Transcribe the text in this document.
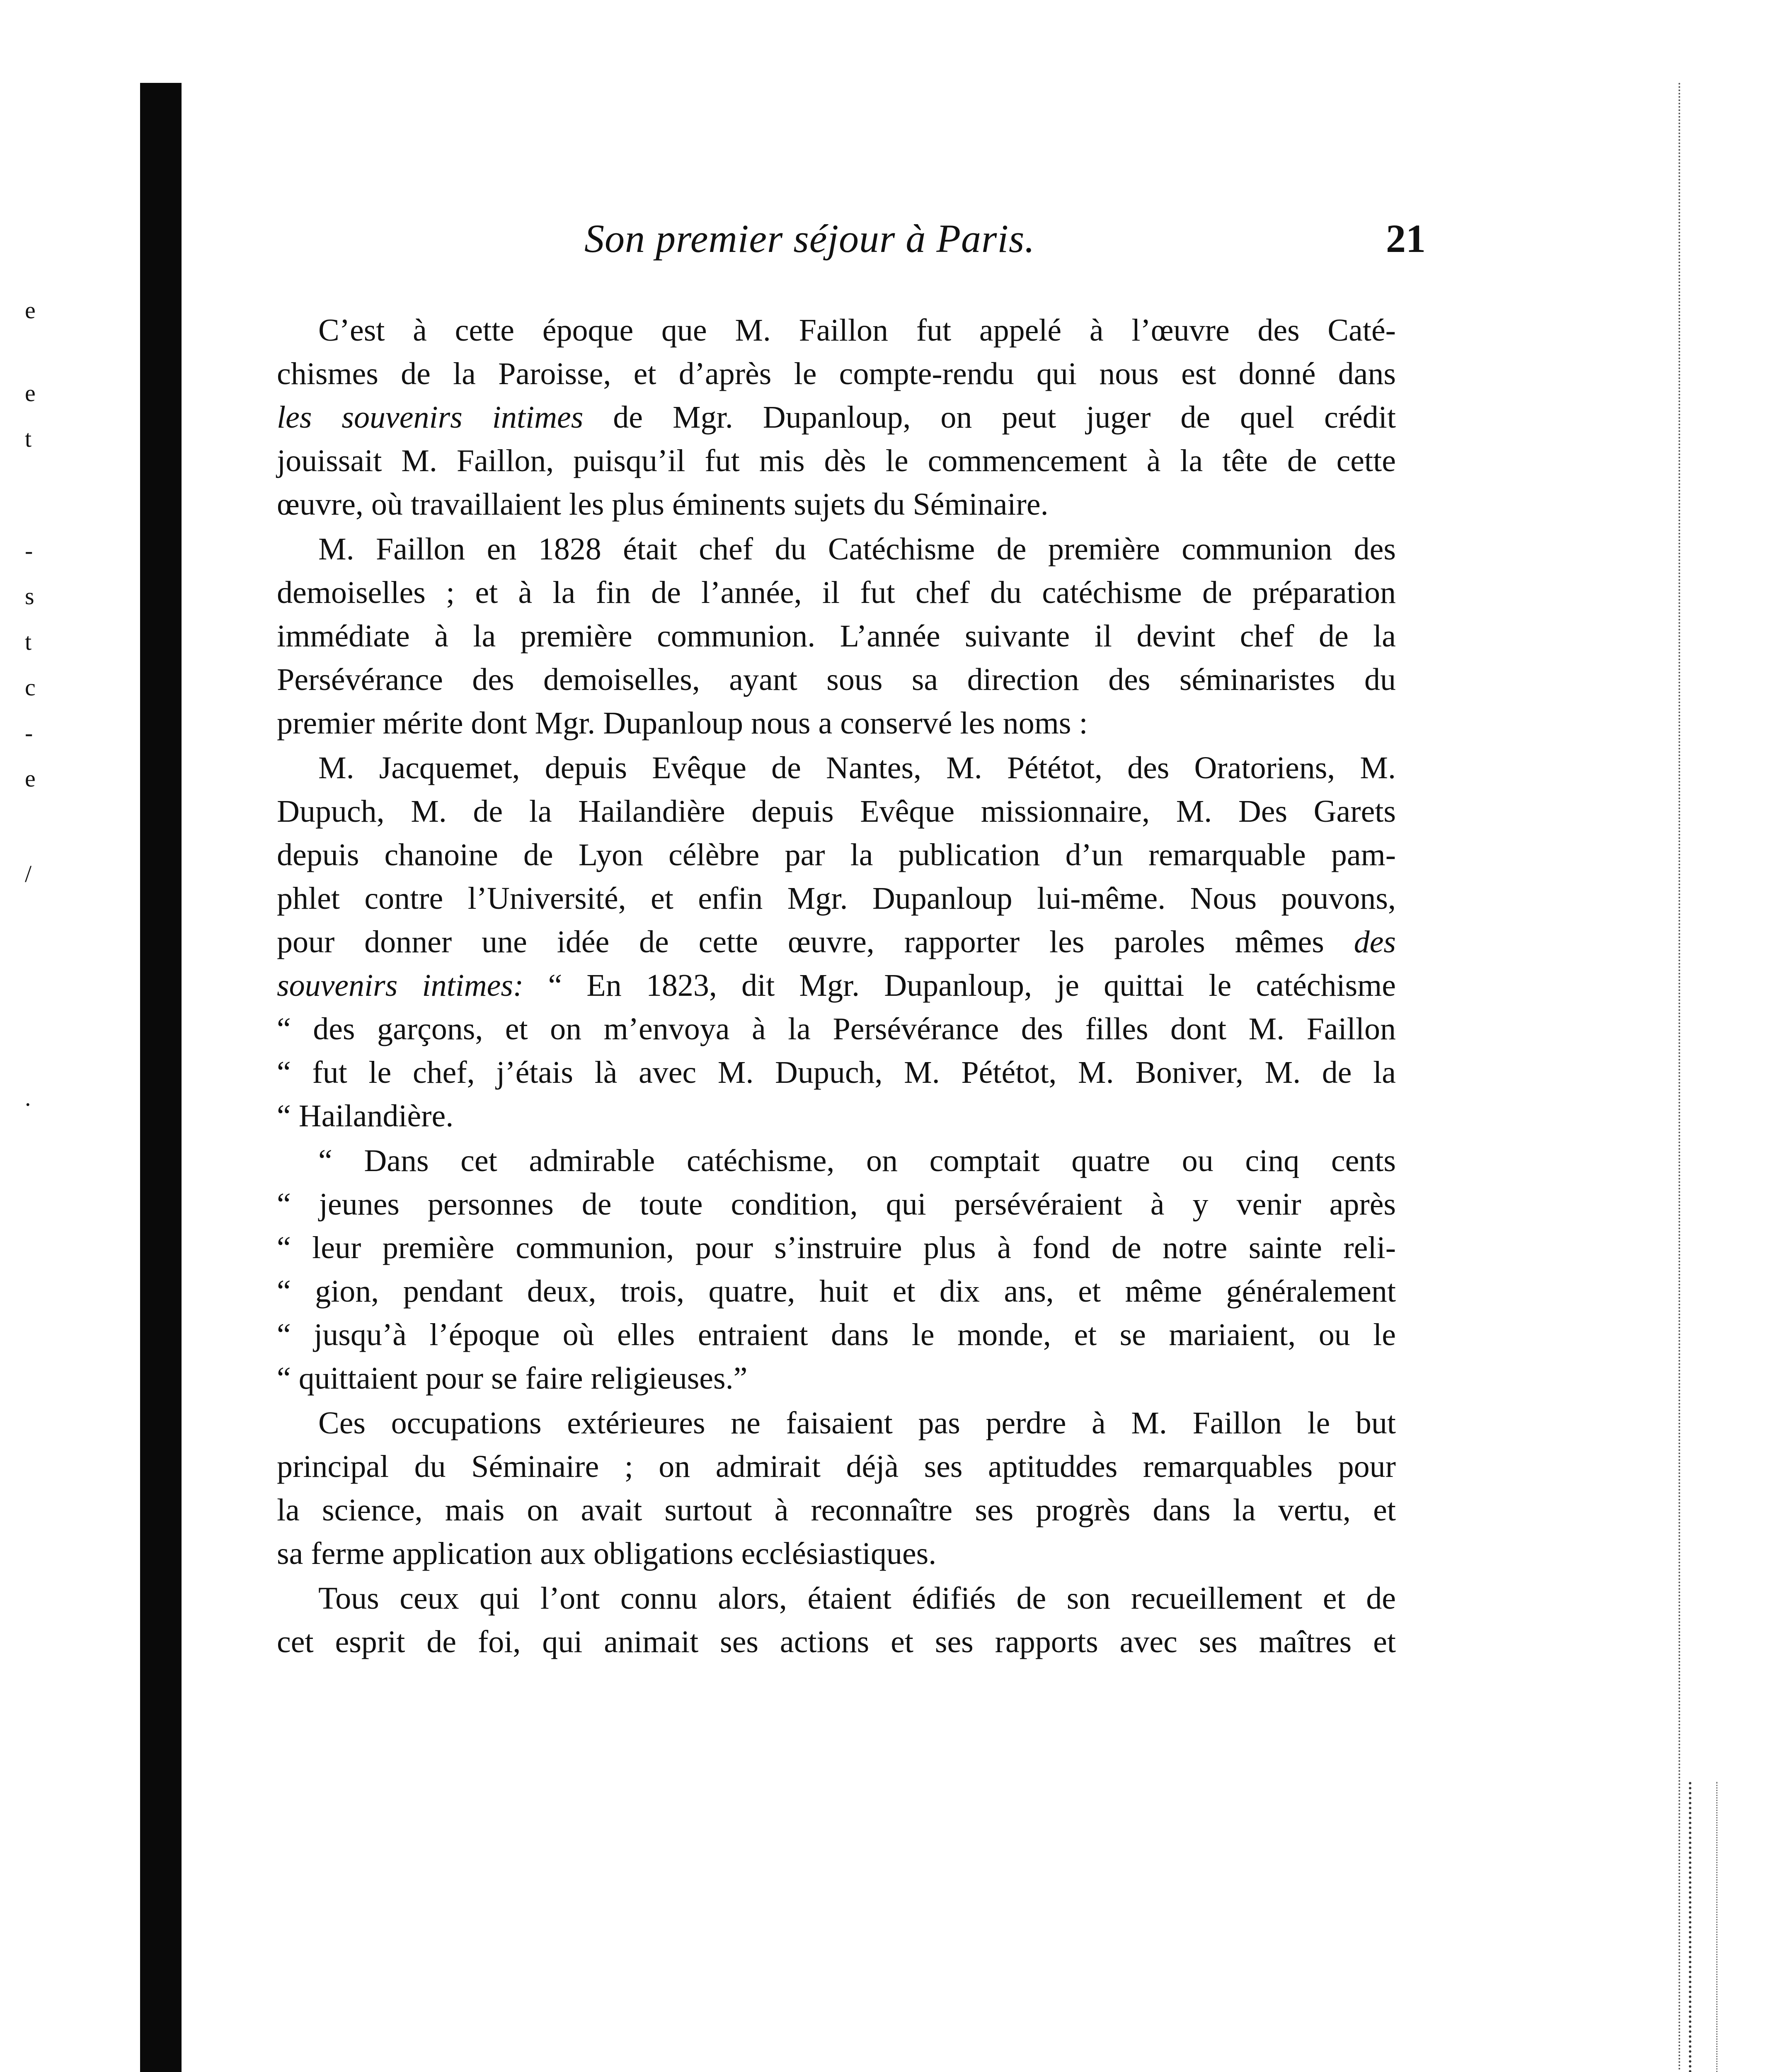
e
e
t
-
s
t
c
-
e
/
.
Son premier séjour à Paris.	21

C’est à cette époque que M. Faillon fut appelé à l’œuvre des Caté-
chismes de la Paroisse, et d’après le compte-rendu qui nous est donné dans
les souvenirs intimes de Mgr. Dupanloup, on peut juger de quel crédit
jouissait M. Faillon, puisqu’il fut mis dès le commencement à la tête de cette
œuvre, où travaillaient les plus éminents sujets du Séminaire.

M. Faillon en 1828 était chef du Catéchisme de première communion des
demoiselles ; et à la fin de l’année, il fut chef du catéchisme de préparation
immédiate à la première communion. L’année suivante il devint chef de la
Persévérance des demoiselles, ayant sous sa direction des séminaristes du
premier mérite dont Mgr. Dupanloup nous a conservé les noms :

M. Jacquemet, depuis Evêque de Nantes, M. Pététot, des Oratoriens, M.
Dupuch, M. de la Hailandière depuis Evêque missionnaire, M. Des Garets
depuis chanoine de Lyon célèbre par la publication d’un remarquable pam-
phlet contre l’Université, et enfin Mgr. Dupanloup lui-même. Nous pouvons,
pour donner une idée de cette œuvre, rapporter les paroles mêmes des
souvenirs intimes: “ En 1823, dit Mgr. Dupanloup, je quittai le catéchisme
“ des garçons, et on m’envoya à la Persévérance des filles dont M. Faillon
“ fut le chef, j’étais là avec M. Dupuch, M. Pététot, M. Boniver, M. de la
“ Hailandière.

“ Dans cet admirable catéchisme, on comptait quatre ou cinq cents
“ jeunes personnes de toute condition, qui persévéraient à y venir après
“ leur première communion, pour s’instruire plus à fond de notre sainte reli-
“ gion, pendant deux, trois, quatre, huit et dix ans, et même généralement
“ jusqu’à l’époque où elles entraient dans le monde, et se mariaient, ou le
“ quittaient pour se faire religieuses.”

Ces occupations extérieures ne faisaient pas perdre à M. Faillon le but
principal du Séminaire ; on admirait déjà ses aptituddes remarquables pour
la science, mais on avait surtout à reconnaître ses progrès dans la vertu, et
sa ferme application aux obligations ecclésiastiques.

Tous ceux qui l’ont connu alors, étaient édifiés de son recueillement et de
cet esprit de foi, qui animait ses actions et ses rapports avec ses maîtres et
